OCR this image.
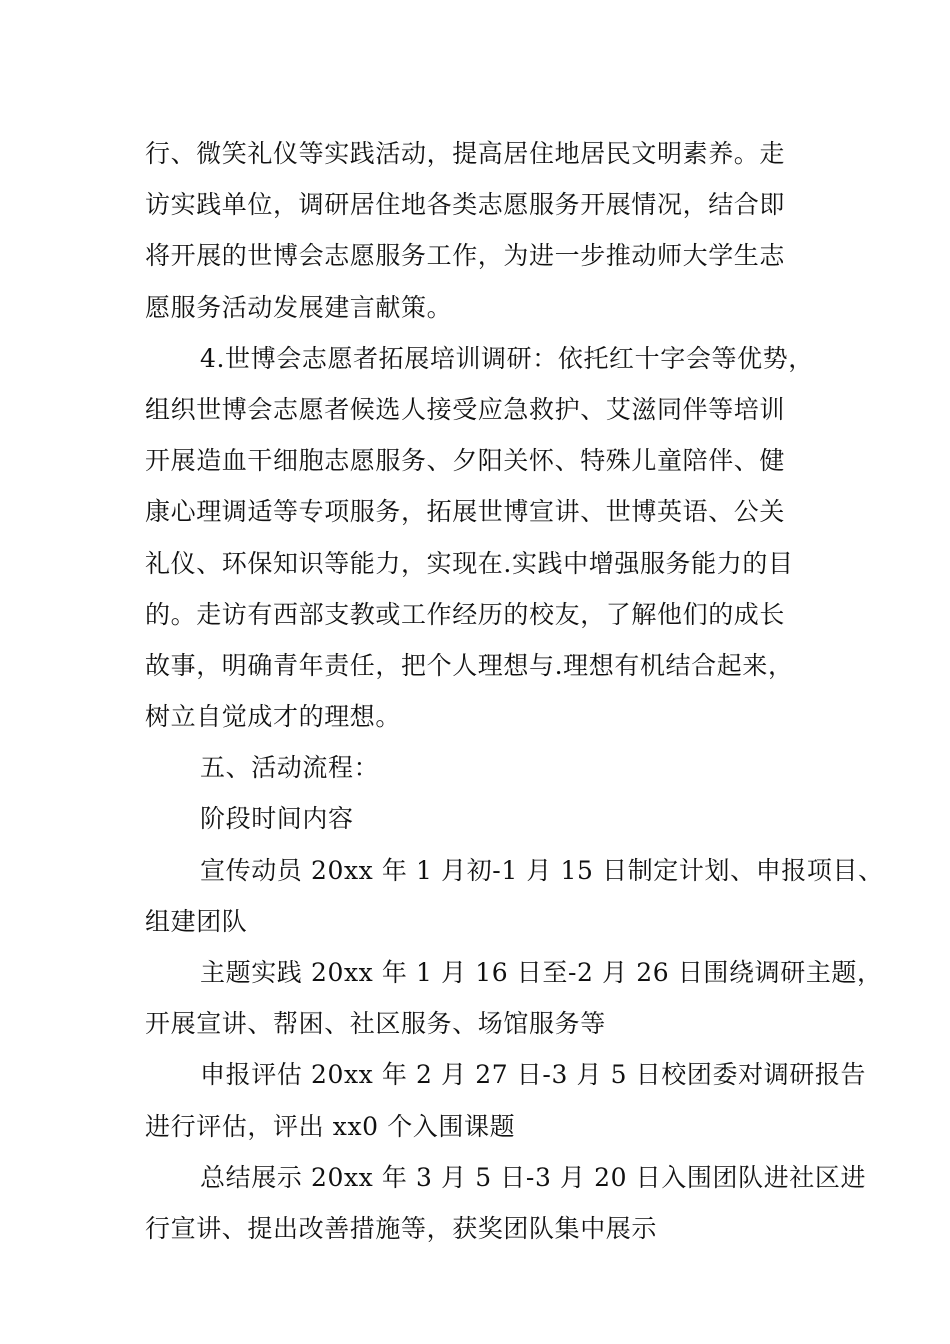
行、微笑礼仪等实践活动，提高居住地居民文明素养。走
访实践单位，调研居住地各类志愿服务开展情况，结合即
将开展的世博会志愿服务工作，为进一步推动师大学生志
愿服务活动发展建言献策。
4.世博会志愿者拓展培训调研：依托红十字会等优势，
组织世博会志愿者候选人接受应急救护、艾滋同伴等培训
开展造血干细胞志愿服务、夕阳关怀、特殊儿童陪伴、健
康心理调适等专项服务，拓展世博宣讲、世博英语、公关
礼仪、环保知识等能力，实现在.实践中增强服务能力的目
的。走访有西部支教或工作经历的校友，了解他们的成长
故事，明确青年责任，把个人理想与.理想有机结合起来，
树立自觉成才的理想。
五、活动流程：
阶段时间内容
宣传动员 20xx 年 1 月初-1 月 15 日制定计划、申报项目、
组建团队
主题实践 20xx 年 1 月 16 日至-2 月 26 日围绕调研主题，
开展宣讲、帮困、社区服务、场馆服务等
申报评估 20xx 年 2 月 27 日-3 月 5 日校团委对调研报告
进行评估，评出 xx0 个入围课题
总结展示 20xx 年 3 月 5 日-3 月 20 日入围团队进社区进
行宣讲、提出改善措施等，获奖团队集中展示
